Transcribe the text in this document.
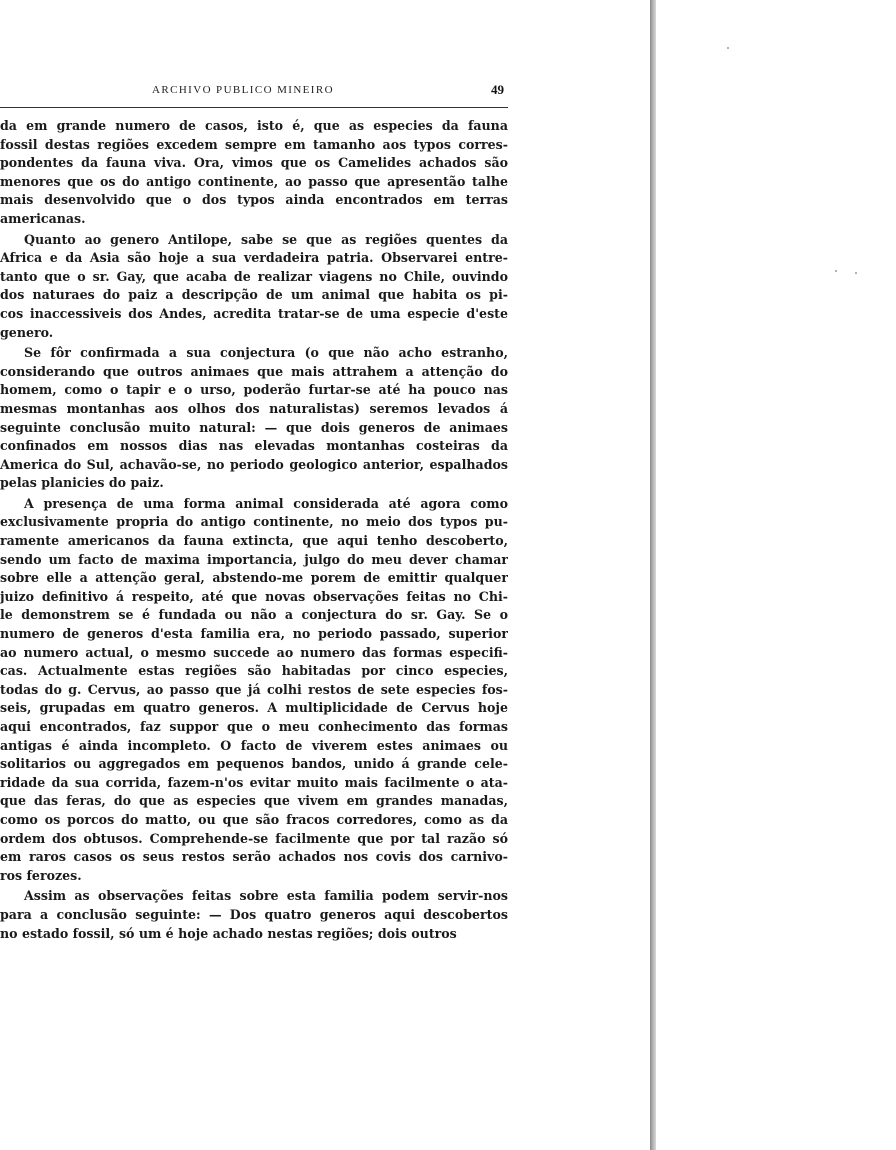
ARCHIVO PUBLICO MINEIRO	49
da em grande numero de casos, isto é, que as especies da fauna
fossil destas regiões excedem sempre em tamanho aos typos corres-
pondentes da fauna viva. Ora, vimos que os Camelides achados são
menores que os do antigo continente, ao passo que apresentão talhe
mais desenvolvido que o dos typos ainda encontrados em terras
americanas.
Quanto ao genero Antilope, sabe se que as regiões quentes da
Africa e da Asia são hoje a sua verdadeira patria. Observarei entre-
tanto que o sr. Gay, que acaba de realizar viagens no Chile, ouvindo
dos naturaes do paiz a descripção de um animal que habita os pi-
cos inaccessiveis dos Andes, acredita tratar-se de uma especie d'este
genero.
Se fôr confirmada a sua conjectura (o que não acho estranho,
considerando que outros animaes que mais attrahem a attenção do
homem, como o tapir e o urso, poderão furtar-se até ha pouco nas
mesmas montanhas aos olhos dos naturalistas) seremos levados á
seguinte conclusão muito natural: — que dois generos de animaes
confinados em nossos dias nas elevadas montanhas costeiras da
America do Sul, achavão-se, no periodo geologico anterior, espalhados
pelas planicies do paiz.
A presença de uma forma animal considerada até agora como
exclusivamente propria do antigo continente, no meio dos typos pu-
ramente americanos da fauna extincta, que aqui tenho descoberto,
sendo um facto de maxima importancia, julgo do meu dever chamar
sobre elle a attenção geral, abstendo-me porem de emittir qualquer
juizo definitivo á respeito, até que novas observações feitas no Chi-
le demonstrem se é fundada ou não a conjectura do sr. Gay. Se o
numero de generos d'esta familia era, no periodo passado, superior
ao numero actual, o mesmo succede ao numero das formas especifi-
cas. Actualmente estas regiões são habitadas por cinco especies,
todas do g. Cervus, ao passo que já colhi restos de sete especies fos-
seis, grupadas em quatro generos. A multiplicidade de Cervus hoje
aqui encontrados, faz suppor que o meu conhecimento das formas
antigas é ainda incompleto. O facto de viverem estes animaes ou
solitarios ou aggregados em pequenos bandos, unido á grande cele-
ridade da sua corrida, fazem-n'os evitar muito mais facilmente o ata-
que das feras, do que as especies que vivem em grandes manadas,
como os porcos do matto, ou que são fracos corredores, como as da
ordem dos obtusos. Comprehende-se facilmente que por tal razão só
em raros casos os seus restos serão achados nos covis dos carnivo-
ros ferozes.
Assim as observações feitas sobre esta familia podem servir-nos
para a conclusão seguinte: — Dos quatro generos aqui descobertos
no estado fossil, só um é hoje achado nestas regiões; dois outros
